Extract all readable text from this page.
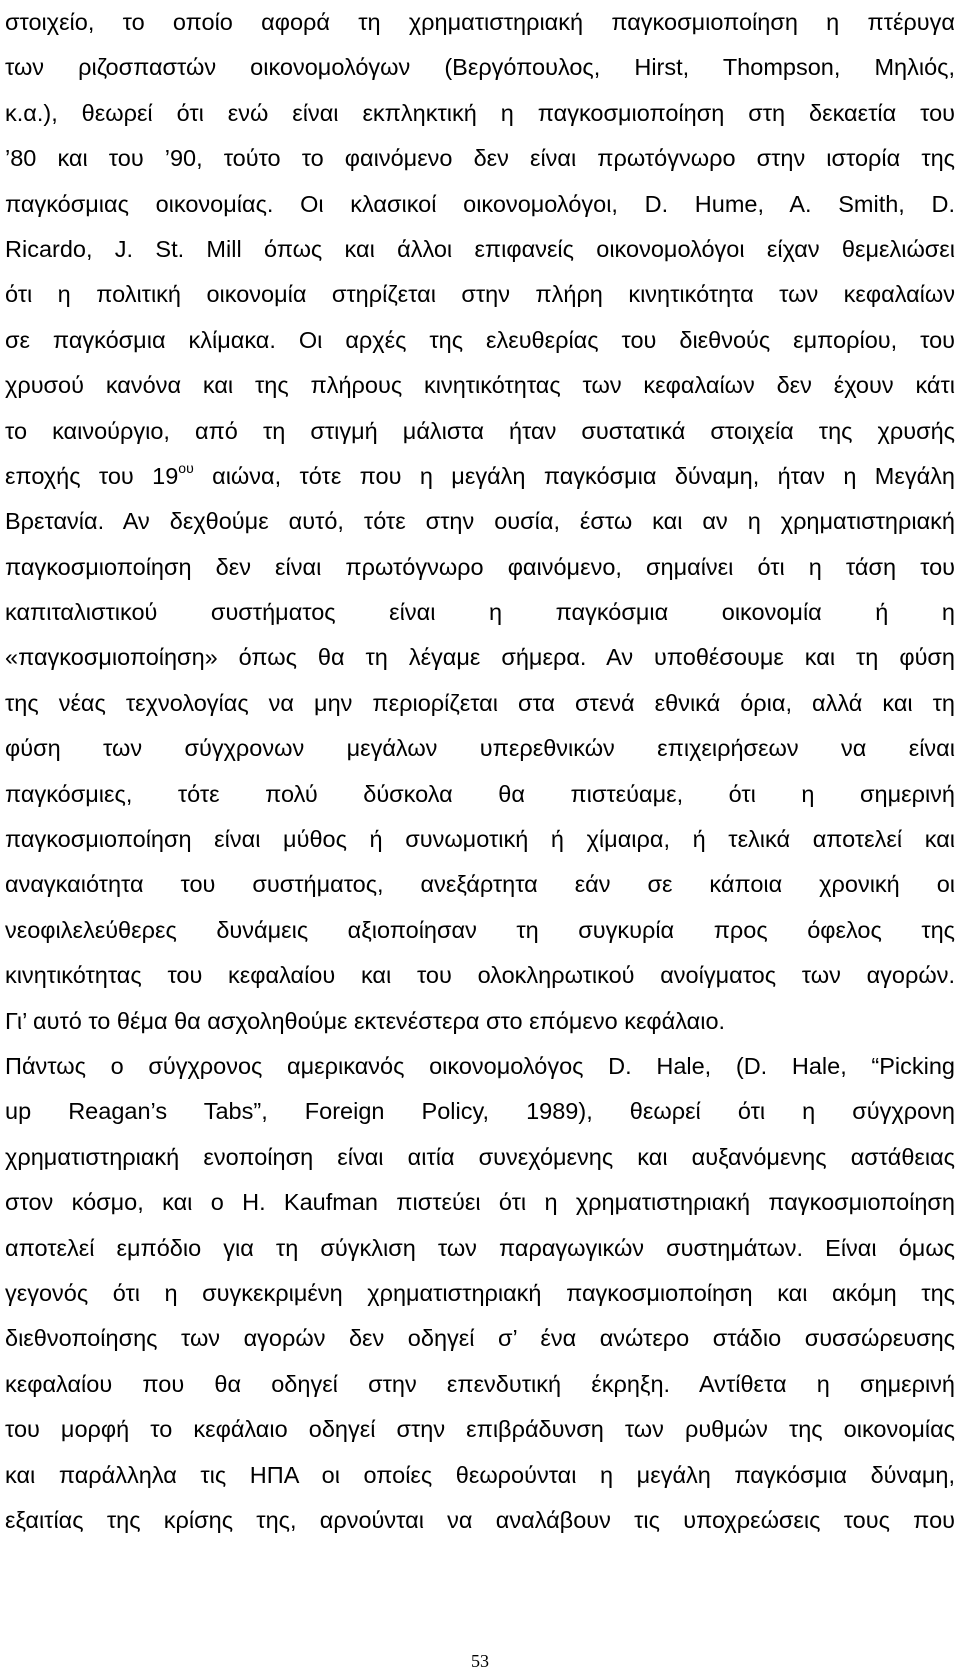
στοιχείο, το οποίο αφορά τη χρηματιστηριακή παγκοσμιοποίηση η πτέρυγα
των ριζοσπαστών οικονομολόγων (Βεργόπουλος, Hirst, Thompson, Μηλιός,
κ.α.), θεωρεί ότι ενώ είναι εκπληκτική η παγκοσμιοποίηση στη δεκαετία του
’80 και του ’90, τούτο το φαινόμενο δεν είναι πρωτόγνωρο στην ιστορία της
παγκόσμιας οικονομίας. Οι κλασικοί οικονομολόγοι, D. Hume, A. Smith, D.
Ricardo, J. St. Mill όπως και άλλοι επιφανείς οικονομολόγοι είχαν θεμελιώσει
ότι η πολιτική οικονομία στηρίζεται στην πλήρη κινητικότητα των κεφαλαίων
σε παγκόσμια κλίμακα. Οι αρχές της ελευθερίας του διεθνούς εμπορίου, του
χρυσού κανόνα και της πλήρους κινητικότητας των κεφαλαίων δεν έχουν κάτι
το καινούργιο, από τη στιγμή μάλιστα ήταν συστατικά στοιχεία της χρυσής
εποχής του $19^{o\upsilon}$ αιώνα, τότε που η μεγάλη παγκόσμια δύναμη, ήταν η Μεγάλη
Βρετανία. Αν δεχθούμε αυτό, τότε στην ουσία, έστω και αν η χρηματιστηριακή
παγκοσμιοποίηση δεν είναι πρωτόγνωρο φαινόμενο, σημαίνει ότι η τάση του
καπιταλιστικού συστήματος είναι η παγκόσμια οικονομία ή η
«παγκοσμιοποίηση» όπως θα τη λέγαμε σήμερα. Αν υποθέσουμε και τη φύση
της νέας τεχνολογίας να μην περιορίζεται στα στενά εθνικά όρια, αλλά και τη
φύση των σύγχρονων μεγάλων υπερεθνικών επιχειρήσεων να είναι
παγκόσμιες, τότε πολύ δύσκολα θα πιστεύαμε, ότι η σημερινή
παγκοσμιοποίηση είναι μύθος ή συνωμοτική ή χίμαιρα, ή τελικά αποτελεί και
αναγκαιότητα του συστήματος, ανεξάρτητα εάν σε κάποια χρονική οι
νεοφιλελεύθερες δυνάμεις αξιοποίησαν τη συγκυρία προς όφελος της
κινητικότητας του κεφαλαίου και του ολοκληρωτικού ανοίγματος των αγορών.
Γι’ αυτό το θέμα θα ασχοληθούμε εκτενέστερα στο επόμενο κεφάλαιο.
Πάντως ο σύγχρονος αμερικανός οικονομολόγος D. Hale, (D. Hale, “Picking
up Reagan’s Tabs”, Foreign Policy, 1989), θεωρεί ότι η σύγχρονη
χρηματιστηριακή ενοποίηση είναι αιτία συνεχόμενης και αυξανόμενης αστάθειας
στον κόσμο, και ο H. Kaufman πιστεύει ότι η χρηματιστηριακή παγκοσμιοποίηση
αποτελεί εμπόδιο για τη σύγκλιση των παραγωγικών συστημάτων. Είναι όμως
γεγονός ότι η συγκεκριμένη χρηματιστηριακή παγκοσμιοποίηση και ακόμη της
διεθνοποίησης των αγορών δεν οδηγεί σ’ ένα ανώτερο στάδιο συσσώρευσης
κεφαλαίου που θα οδηγεί στην επενδυτική έκρηξη. Αντίθετα η σημερινή
του μορφή το κεφάλαιο οδηγεί στην επιβράδυνση των ρυθμών της οικονομίας
και παράλληλα τις ΗΠΑ οι οποίες θεωρούνται η μεγάλη παγκόσμια δύναμη,
εξαιτίας της κρίσης της, αρνούνται να αναλάβουν τις υποχρεώσεις τους που
53
